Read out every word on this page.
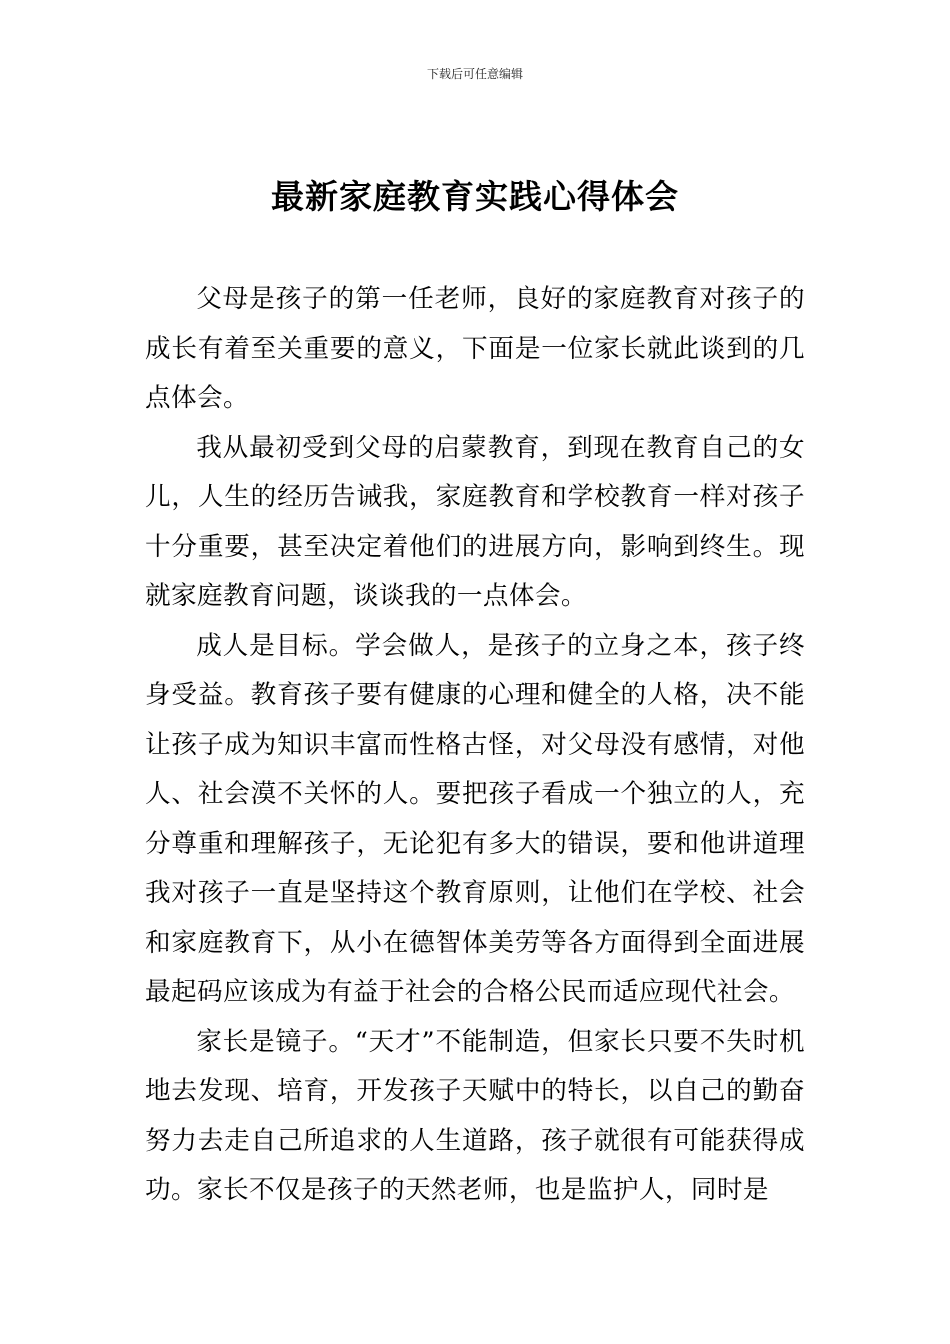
下载后可任意编辑
最新家庭教育实践心得体会

父母是孩子的第一任老师，良好的家庭教育对孩子的成长有着至关重要的意义，下面是一位家长就此谈到的几点体会。

我从最初受到父母的启蒙教育，到现在教育自己的女儿，人生的经历告诫我，家庭教育和学校教育一样对孩子十分重要，甚至决定着他们的进展方向，影响到终生。现就家庭教育问题，谈谈我的一点体会。

成人是目标。学会做人，是孩子的立身之本，孩子终身受益。教育孩子要有健康的心理和健全的人格，决不能让孩子成为知识丰富而性格古怪，对父母没有感情，对他人、社会漠不关怀的人。要把孩子看成一个独立的人，充分尊重和理解孩子，无论犯有多大的错误，要和他讲道理我对孩子一直是坚持这个教育原则，让他们在学校、社会和家庭教育下，从小在德智体美劳等各方面得到全面进展最起码应该成为有益于社会的合格公民而适应现代社会。

家长是镜子。“天才”不能制造，但家长只要不失时机地去发现、培育，开发孩子天赋中的特长，以自己的勤奋努力去走自己所追求的人生道路，孩子就很有可能获得成功。家长不仅是孩子的天然老师，也是监护人，同时是
